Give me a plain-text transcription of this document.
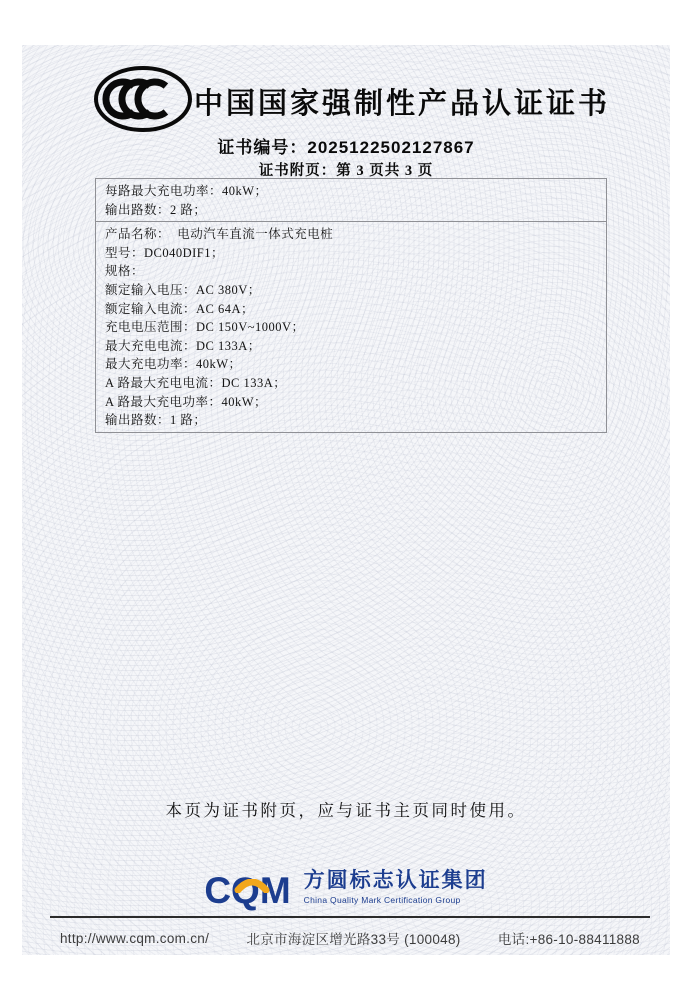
中国国家强制性产品认证证书
证书编号：2025122502127867
证书附页：第 3 页共 3 页
每路最大充电功率：40kW；
输出路数：2 路；
产品名称：  电动汽车直流一体式充电桩
型号：DC040DIF1；
规格：
额定输入电压：AC 380V；
额定输入电流：AC 64A；
充电电压范围：DC 150V~1000V；
最大充电电流：DC 133A；
最大充电功率：40kW；
A 路最大充电电流：DC 133A；
A 路最大充电功率：40kW；
输出路数：1 路；
本页为证书附页，应与证书主页同时使用。
CQM 方圆标志认证集团
China Quality Mark Certification Group
http://www.cqm.com.cn/	北京市海淀区增光路33号 (100048)	电话:+86-10-88411888
